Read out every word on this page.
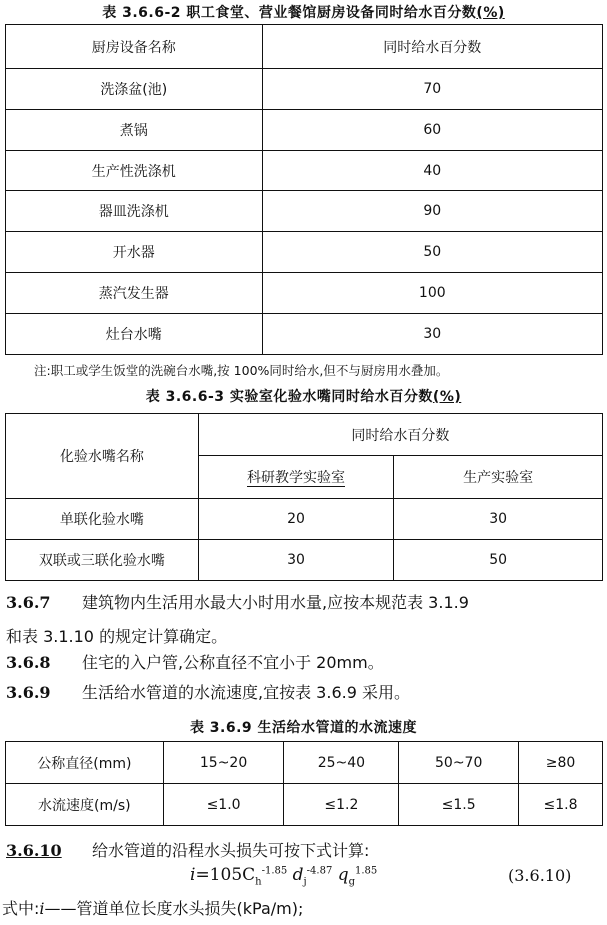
表 3.6.6-2 职工食堂、营业餐馆厨房设备同时给水百分数(%)
厨房设备名称	同时给水百分数
洗涤盆(池)	70
煮锅	60
生产性洗涤机	40
器皿洗涤机	90
开水器	50
蒸汽发生器	100
灶台水嘴	30
注:职工或学生饭堂的洗碗台水嘴,按 100%同时给水,但不与厨房用水叠加。
表 3.6.6-3 实验室化验水嘴同时给水百分数(%)
化验水嘴名称	同时给水百分数	
	科研教学实验室	生产实验室
单联化验水嘴	20	30
双联或三联化验水嘴	30	50
3.6.7 建筑物内生活用水最大小时用水量,应按本规范表 3.1.9
和表 3.1.10 的规定计算确定。
3.6.8 住宅的入户管,公称直径不宜小于 20mm。
3.6.9 生活给水管道的水流速度,宜按表 3.6.9 采用。
表 3.6.9 生活给水管道的水流速度
公称直径(mm)	15~20	25~40	50~70	≥80
水流速度(m/s)	≤1.0	≤1.2	≤1.5	≤1.8
3.6.10 给水管道的沿程水头损失可按下式计算:
$i=105C_h^{-1.85}$ $d_j^{-4.87}$ $q_g^{1.85}$	(3.6.10)
式中:i——管道单位长度水头损失(kPa/m);
